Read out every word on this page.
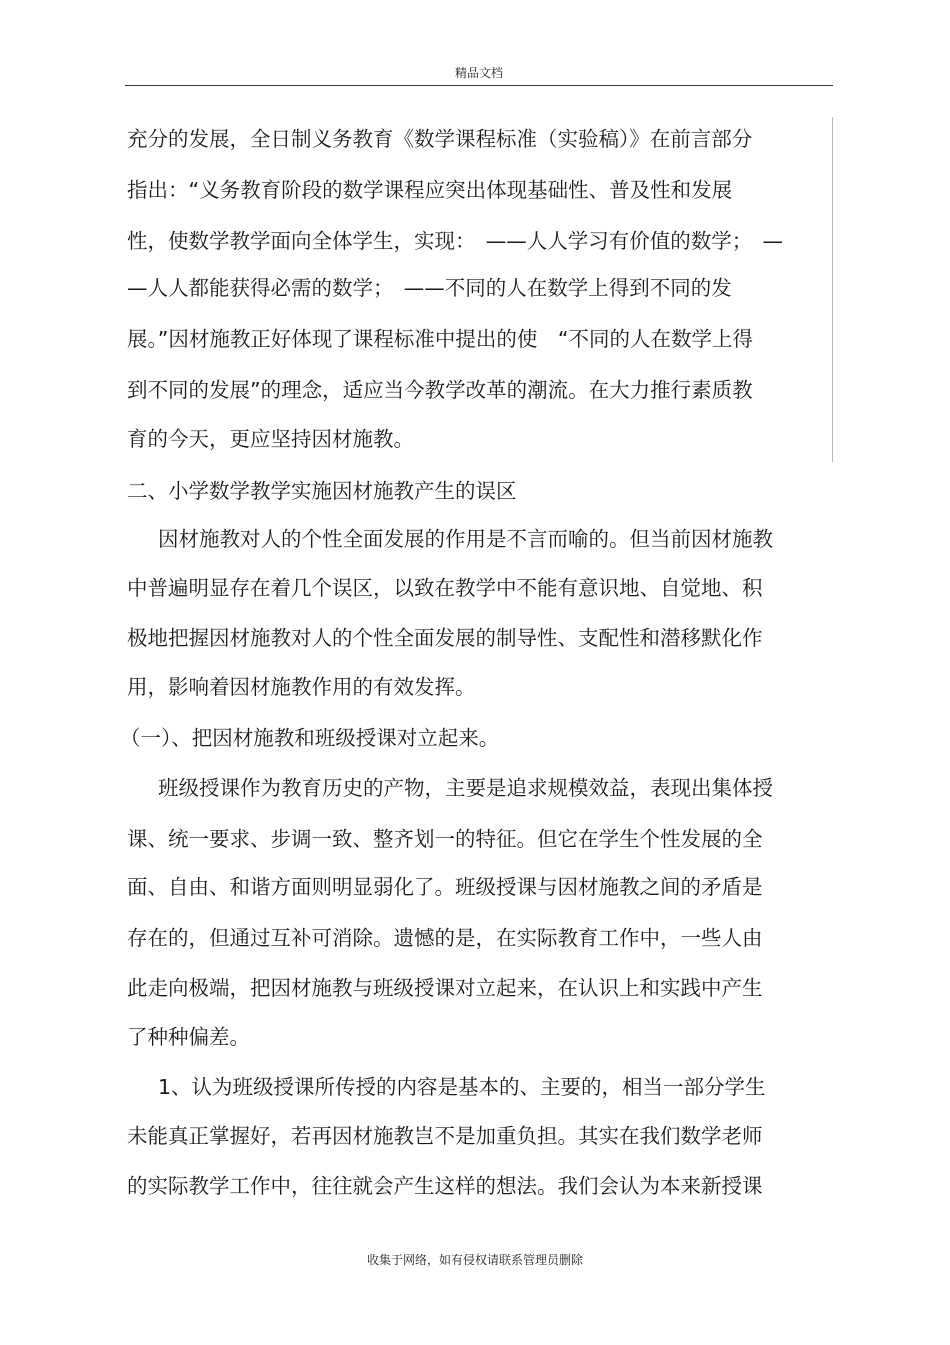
精品文档
充分的发展，全日制义务教育《数学课程标准（实验稿）》在前言部分
指出：“义务教育阶段的数学课程应突出体现基础性、普及性和发展
性，使数学教学面向全体学生，实现：　——人人学习有价值的数学；　—
—人人都能获得必需的数学；　——不同的人在数学上得到不同的发
展。”因材施教正好体现了课程标准中提出的使　“不同的人在数学上得
到不同的发展”的理念，适应当今教学改革的潮流。在大力推行素质教
育的今天，更应坚持因材施教。
二、小学数学教学实施因材施教产生的误区
因材施教对人的个性全面发展的作用是不言而喻的。但当前因材施教
中普遍明显存在着几个误区，以致在教学中不能有意识地、自觉地、积
极地把握因材施教对人的个性全面发展的制导性、支配性和潜移默化作
用，影响着因材施教作用的有效发挥。
（一）、把因材施教和班级授课对立起来。
班级授课作为教育历史的产物，主要是追求规模效益，表现出集体授
课、统一要求、步调一致、整齐划一的特征。但它在学生个性发展的全
面、自由、和谐方面则明显弱化了。班级授课与因材施教之间的矛盾是
存在的，但通过互补可消除。遗憾的是，在实际教育工作中，一些人由
此走向极端，把因材施教与班级授课对立起来，在认识上和实践中产生
了种种偏差。
1、认为班级授课所传授的内容是基本的、主要的，相当一部分学生
未能真正掌握好，若再因材施教岂不是加重负担。其实在我们数学老师
的实际教学工作中，往往就会产生这样的想法。我们会认为本来新授课
收集于网络，如有侵权请联系管理员删除
